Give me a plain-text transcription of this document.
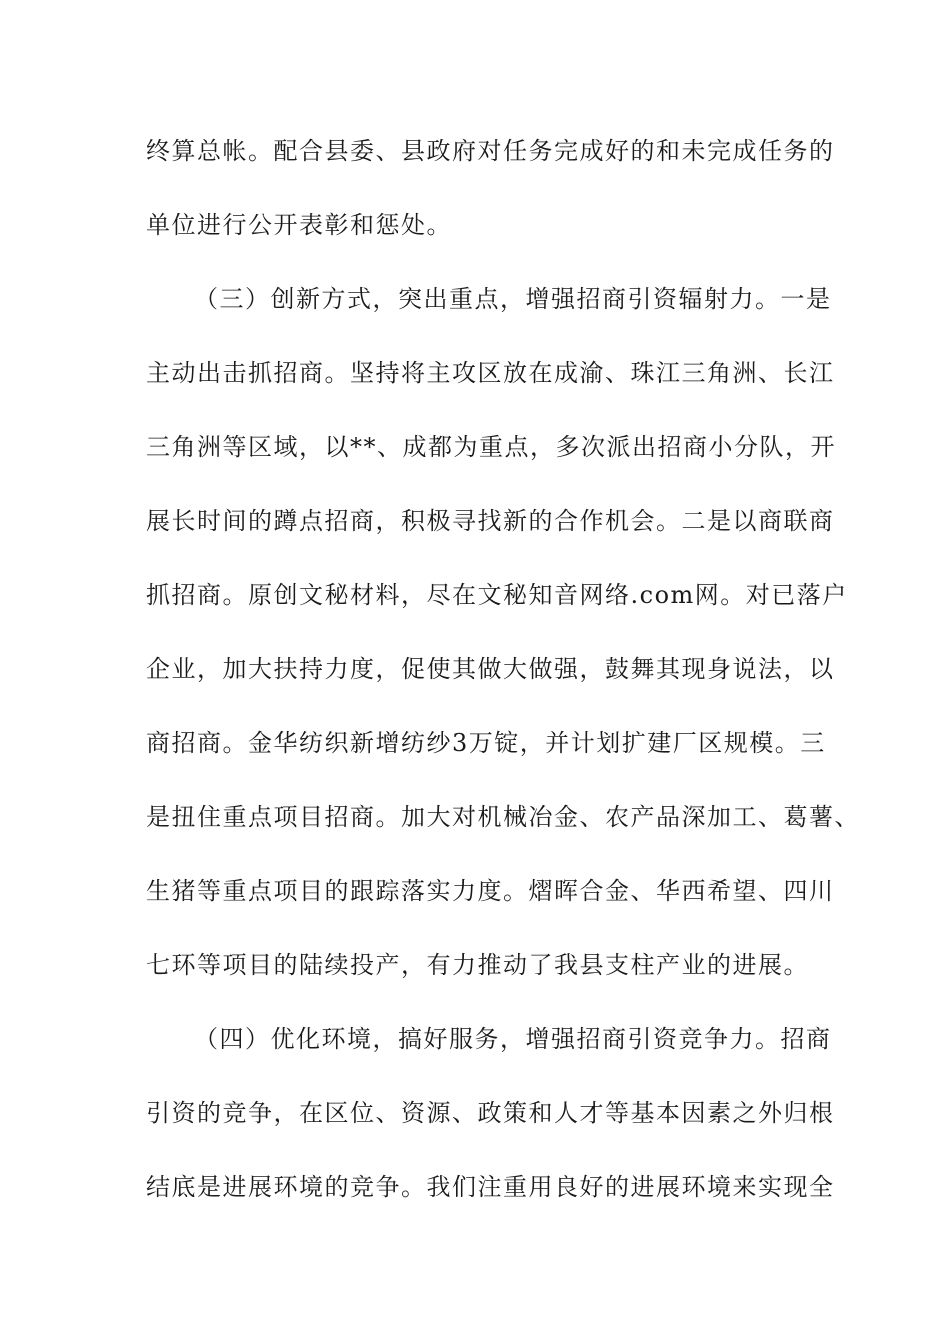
终算总帐。配合县委、县政府对任务完成好的和未完成任务的
单位进行公开表彰和惩处。
（三）创新方式，突出重点，增强招商引资辐射力。一是
主动出击抓招商。坚持将主攻区放在成渝、珠江三角洲、长江
三角洲等区域，以**、成都为重点，多次派出招商小分队，开
展长时间的蹲点招商，积极寻找新的合作机会。二是以商联商
抓招商。原创文秘材料，尽在文秘知音网络.com网。对已落户
企业，加大扶持力度，促使其做大做强，鼓舞其现身说法，以
商招商。金华纺织新增纺纱3万锭，并计划扩建厂区规模。三
是扭住重点项目招商。加大对机械冶金、农产品深加工、葛薯、
生猪等重点项目的跟踪落实力度。熠晖合金、华西希望、四川
七环等项目的陆续投产，有力推动了我县支柱产业的进展。
（四）优化环境，搞好服务，增强招商引资竞争力。招商
引资的竞争，在区位、资源、政策和人才等基本因素之外归根
结底是进展环境的竞争。我们注重用良好的进展环境来实现全
